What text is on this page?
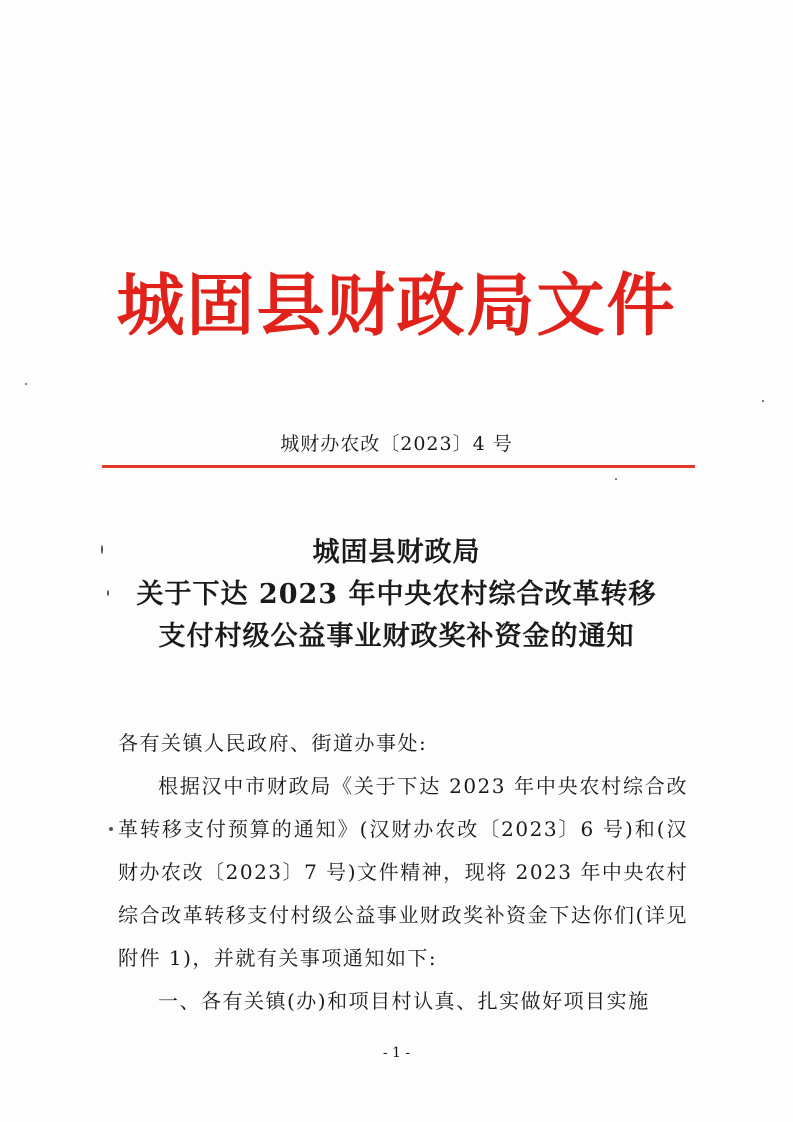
城固县财政局文件
城财办农改〔2023〕4 号
城固县财政局
关于下达 2023 年中央农村综合改革转移
支付村级公益事业财政奖补资金的通知

各有关镇人民政府、街道办事处:

根据汉中市财政局《关于下达 2023 年中央农村综合改革转移支付预算的通知》(汉财办农改〔2023〕6 号)和(汉财办农改〔2023〕7 号)文件精神，现将 2023 年中央农村综合改革转移支付村级公益事业财政奖补资金下达你们(详见附件 1)，并就有关事项通知如下:

一、各有关镇(办)和项目村认真、扎实做好项目实施

- 1 -
